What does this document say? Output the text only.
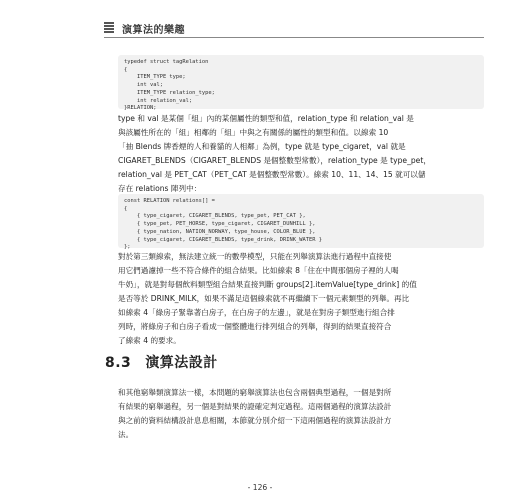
演算法的樂趣
typedef struct tagRelation
{
ITEM_TYPE type;
int val;
ITEM_TYPE relation_type;
int relation_val;
}RELATION;
type 和 val 是某個「組」內的某個屬性的類型和值，relation_type 和 relation_val 是
與該屬性所在的「組」相鄰的「組」中與之有關係的屬性的類型和值。以線索 10
「抽 Blends 牌香煙的人和養貓的人相鄰」為例，type 就是 type_cigaret，val 就是
CIGARET_BLENDS（CIGARET_BLENDS 是個整數型常數），relation_type 是 type_pet，
relation_val 是 PET_CAT（PET_CAT 是個整數型常數）。線索 10、11、14、15 就可以儲
存在 relations 陣列中：
const RELATION relations[] =
{
{ type_cigaret, CIGARET_BLENDS, type_pet, PET_CAT },
{ type_pet, PET_HORSE, type_cigaret, CIGARET_DUNHILL },
{ type_nation, NATION_NORWAY, type_house, COLOR_BLUE },
{ type_cigaret, CIGARET_BLENDS, type_drink, DRINK_WATER }
};
對於第三類線索，無法建立統一的數學模型，只能在列舉演算法進行過程中直接使
用它們過濾掉一些不符合條件的組合結果。比如線索 8「住在中間那個房子裡的人喝
牛奶」，就是對每個飲料類型組合結果直接判斷 groups[2].itemValue[type_drink] 的值
是否等於 DRINK_MILK，如果不滿足這個線索就不再繼續下一個元素類型的列舉。再比
如線索 4「綠房子緊靠著白房子，在白房子的左邊」，就是在對房子類型進行組合排
列時，將綠房子和白房子看成一個整體進行排列組合的列舉，得到的結果直接符合
了線索 4 的要求。
8.3 演算法設計
和其他窮舉類演算法一樣，本問題的窮舉演算法也包含兩個典型過程，一個是對所
有結果的窮舉過程，另一個是對結果的證確定判定過程。這兩個過程的演算法設計
與之前的資料結構設計息息相關，本節就分別介紹一下這兩個過程的演算法設計方
法。
- 126 -
